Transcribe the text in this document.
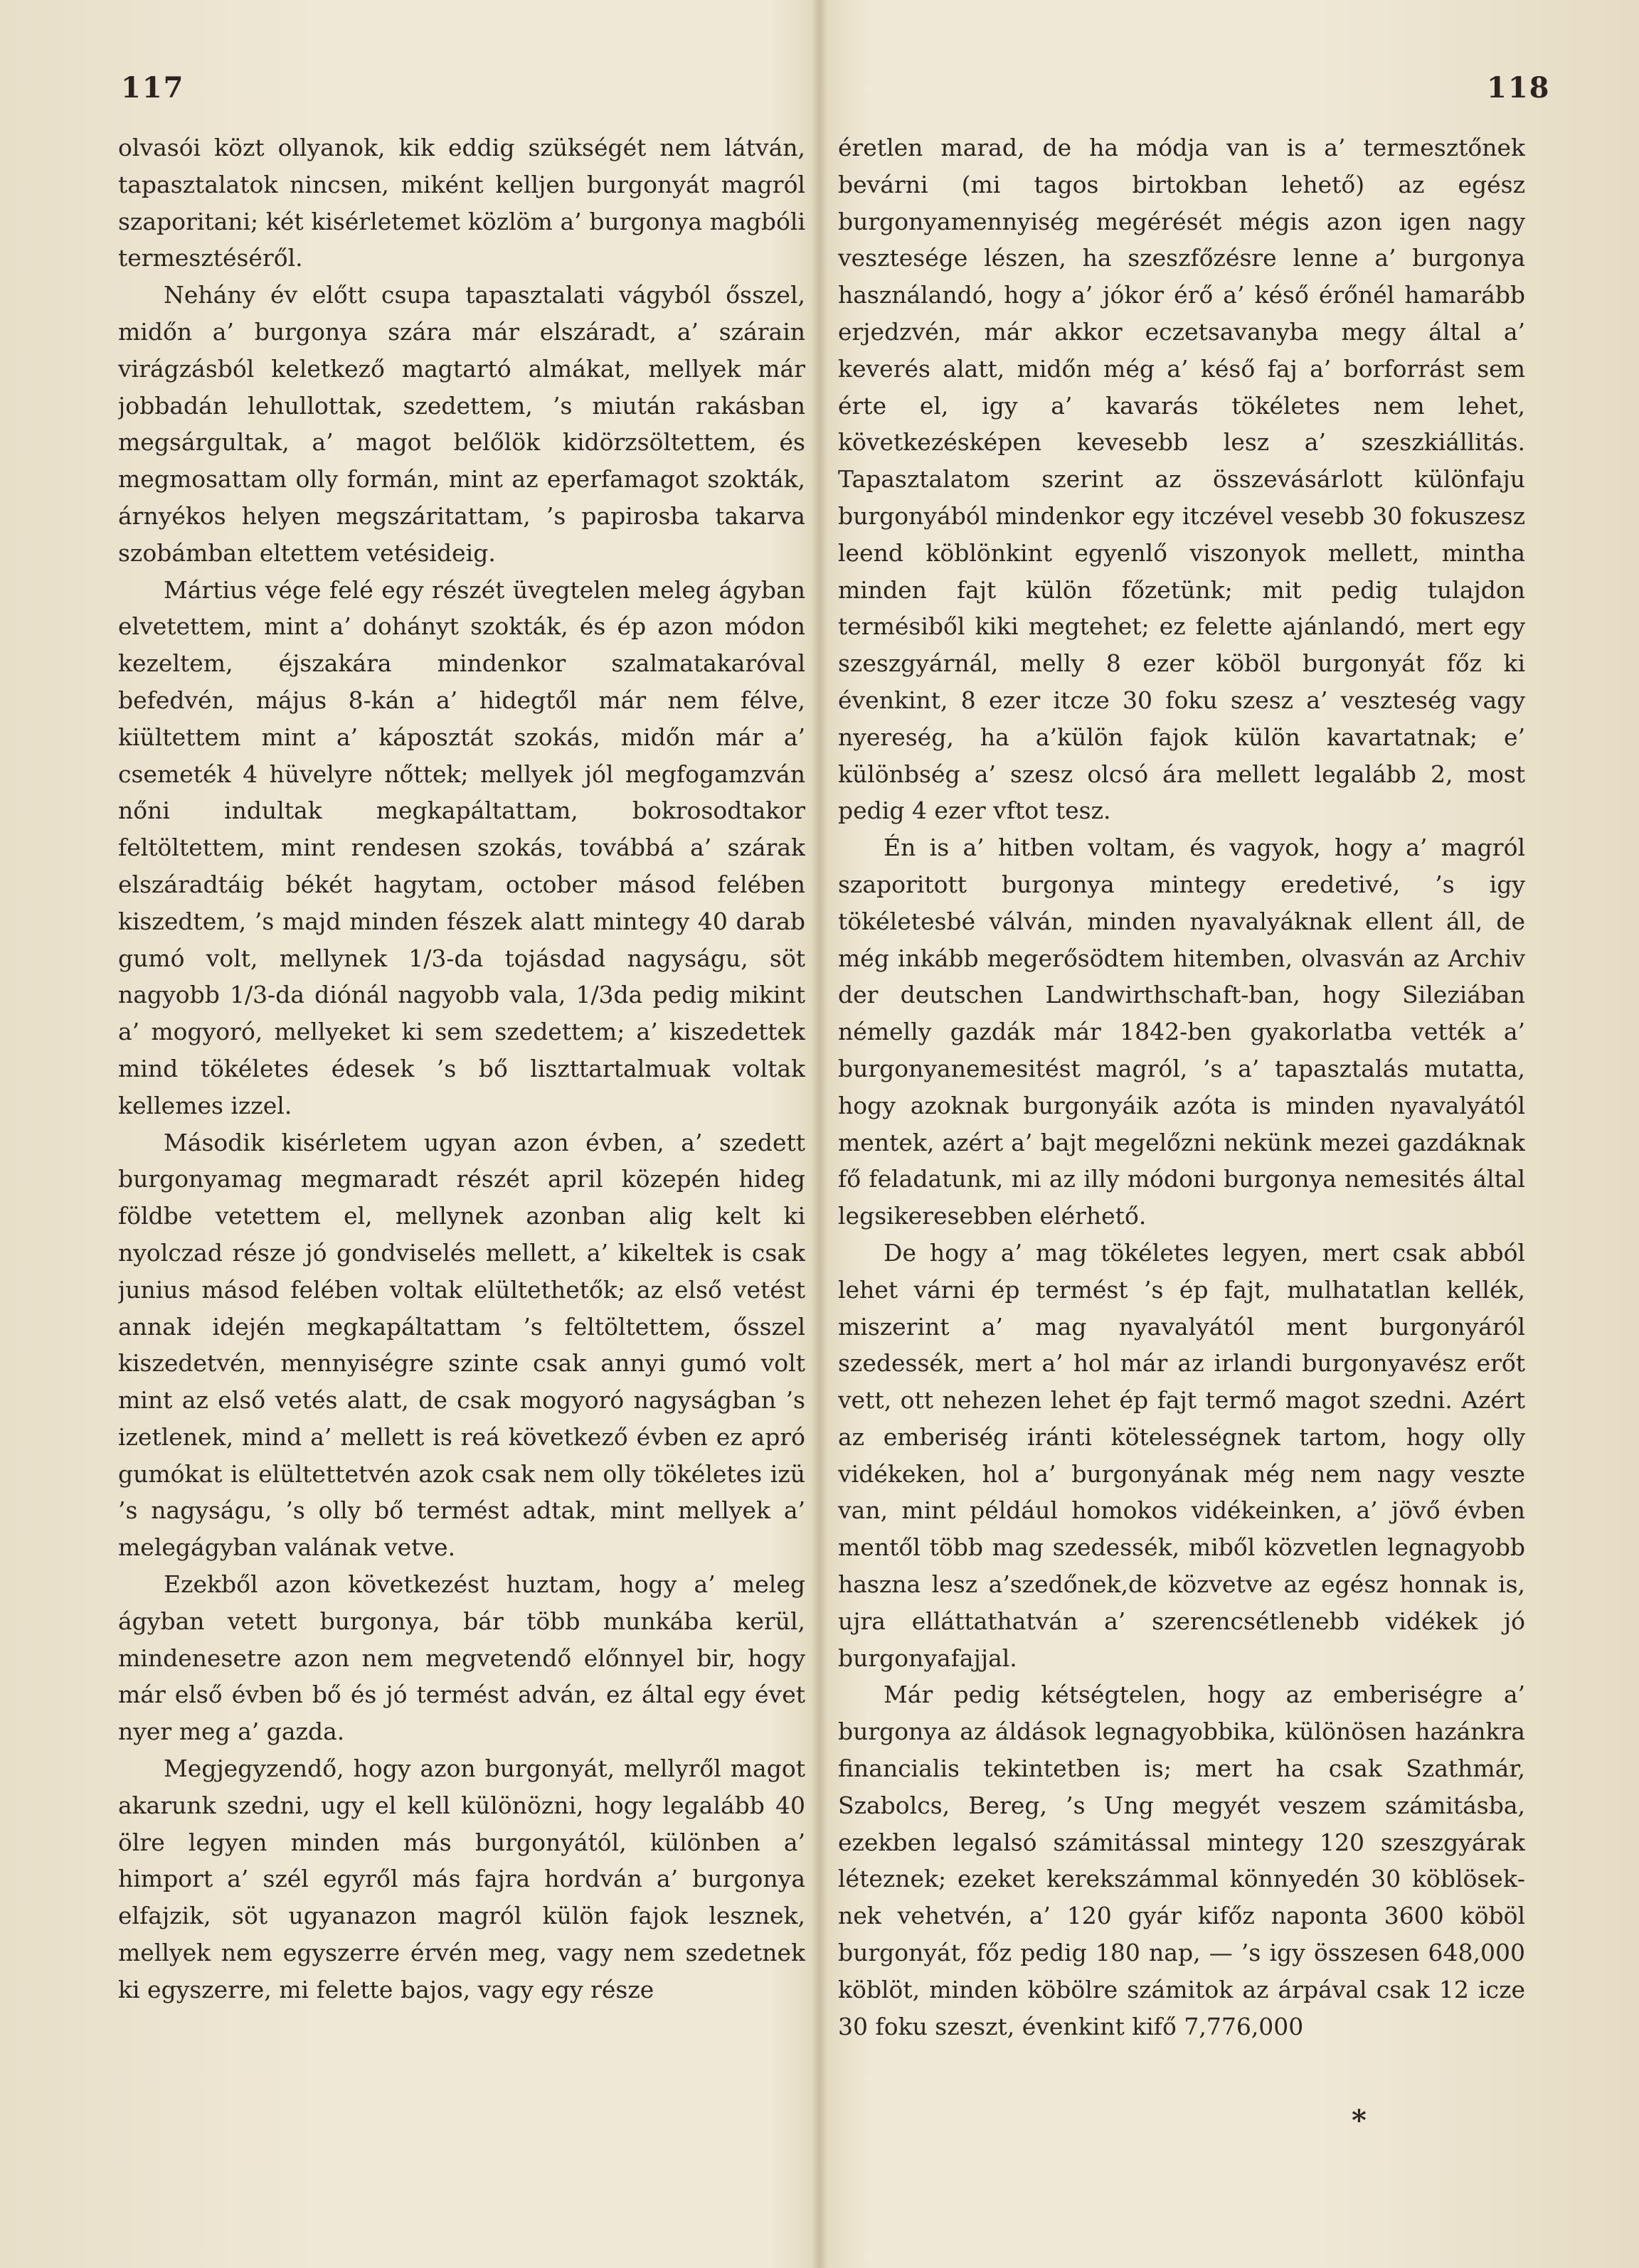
117	118

olvasói közt ollyanok, kik eddig szükségét nem látván, tapasztalatok nincsen, miként kelljen burgonyát magról szaporitani; két kisérletemet közlöm a’ burgonya magbóli termesztéséről.

Nehány év előtt csupa tapasztalati vágyból ősszel, midőn a’ burgonya szára már elszáradt, a’ szárain virágzásból keletkező magtartó almákat, mellyek már jobbadán lehullottak, szedettem, ’s miután rakásban megsárgultak, a’ magot belőlök kidörzsöltettem, és megmosattam olly formán, mint az eperfamagot szokták, árnyékos helyen megszáritattam, ’s papirosba takarva szobámban eltettem vetésideig.

Mártius vége felé egy részét üvegtelen meleg ágyban elvetettem, mint a’ dohányt szokták, és ép azon módon kezeltem, éjszakára mindenkor szalmatakaróval befedvén, május 8-kán a’ hidegtől már nem félve, kiültettem mint a’ káposztát szokás, midőn már a’ csemeték 4 hüvelyre nőttek; mellyek jól megfogamzván nőni indultak megkapáltattam, bokrosodtakor feltöltettem, mint rendesen szokás, továbbá a’ szárak elszáradtáig békét hagytam, october másod felében kiszedtem, ’s majd minden fészek alatt mintegy 40 darab gumó volt, mellynek 1/3-da tojásdad nagyságu, söt nagyobb 1/3-da diónál nagyobb vala, 1/3da pedig mikint a’ mogyoró, mellyeket ki sem szedettem; a’ kiszedettek mind tökéletes édesek ’s bő liszttartalmuak voltak kellemes izzel.

Második kisérletem ugyan azon évben, a’ szedett burgonyamag megmaradt részét april közepén hideg földbe vetettem el, mellynek azonban alig kelt ki nyolczad része jó gondviselés mellett, a’ kikeltek is csak junius másod felében voltak elültethetők; az első vetést annak idején megkapáltattam ’s feltöltettem, ősszel kiszedetvén, mennyiségre szinte csak annyi gumó volt mint az első vetés alatt, de csak mogyoró nagyságban ’s izetlenek, mind a’ mellett is reá következő évben ez apró gumókat is elültettetvén azok csak nem olly tökéletes izü ’s nagyságu, ’s olly bő termést adtak, mint mellyek a’ melegágyban valának vetve.

Ezekből azon következést huztam, hogy a’ meleg ágyban vetett burgonya, bár több munkába kerül, mindenesetre azon nem megvetendő előnnyel bir, hogy már első évben bő és jó termést adván, ez által egy évet nyer meg a’ gazda.

Megjegyzendő, hogy azon burgonyát, mellyről magot akarunk szedni, ugy el kell különözni, hogy legalább 40 ölre legyen minden más burgonyától, különben a’ himport a’ szél egyről más fajra hordván a’ burgonya elfajzik, söt ugyanazon magról külön fajok lesznek, mellyek nem egyszerre érvén meg, vagy nem szedetnek ki egyszerre, mi felette bajos, vagy egy része

éretlen marad, de ha módja van is a’ termesztőnek bevárni (mi tagos birtokban lehető) az egész burgonyamennyiség megérését mégis azon igen nagy vesztesége lészen, ha szeszfőzésre lenne a’ burgonya használandó, hogy a’ jókor érő a’ késő érőnél hamarább erjedzvén, már akkor eczetsavanyba megy által a’ keverés alatt, midőn még a’ késő faj a’ borforrást sem érte el, igy a’ kavarás tökéletes nem lehet, következésképen kevesebb lesz a’ szeszkiállitás. Tapasztalatom szerint az összevásárlott különfaju burgonyából mindenkor egy itczével vesebb 30 fokuszesz leend köblönkint egyenlő viszonyok mellett, mintha minden fajt külön főzetünk; mit pedig tulajdon termésiből kiki megtehet; ez felette ajánlandó, mert egy szeszgyárnál, melly 8 ezer köböl burgonyát főz ki évenkint, 8 ezer itcze 30 foku szesz a’ veszteség vagy nyereség, ha a’külön fajok külön kavartatnak; e’ különbség a’ szesz olcsó ára mellett legalább 2, most pedig 4 ezer vftot tesz.

Én is a’ hitben voltam, és vagyok, hogy a’ magról szaporitott burgonya mintegy eredetivé, ’s igy tökéletesbé válván, minden nyavalyáknak ellent áll, de még inkább megerősödtem hitemben, olvasván az Archiv der deutschen Landwirthschaft-ban, hogy Sileziában némelly gazdák már 1842-ben gyakorlatba vették a’ burgonyanemesitést magról, ’s a’ tapasztalás mutatta, hogy azoknak burgonyáik azóta is minden nyavalyától mentek, azért a’ bajt megelőzni nekünk mezei gazdáknak fő feladatunk, mi az illy módoni burgonya nemesités által legsikeresebben elérhető.

De hogy a’ mag tökéletes legyen, mert csak abból lehet várni ép termést ’s ép fajt, mulhatatlan kellék, miszerint a’ mag nyavalyától ment burgonyáról szedessék, mert a’ hol már az irlandi burgonyavész erőt vett, ott nehezen lehet ép fajt termő magot szedni. Azért az emberiség iránti kötelességnek tartom, hogy olly vidékeken, hol a’ burgonyának még nem nagy veszte van, mint például homokos vidékeinken, a’ jövő évben mentől több mag szedessék, miből közvetlen legnagyobb haszna lesz a’szedőnek,de közvetve az egész honnak is, ujra elláttathatván a’ szerencsétlenebb vidékek jó burgonyafajjal.

Már pedig kétségtelen, hogy az emberiségre a’ burgonya az áldások legnagyobbika, különösen hazánkra financialis tekintetben is; mert ha csak Szathmár, Szabolcs, Bereg, ’s Ung megyét veszem számitásba, ezekben legalsó számitással mintegy 120 szeszgyárak léteznek; ezeket kerekszámmal könnyedén 30 köblöseknek vehetvén, a’ 120 gyár kifőz naponta 3600 köböl burgonyát, főz pedig 180 nap, — ’s igy összesen 648,000 köblöt, minden köbölre számitok az árpával csak 12 icze 30 foku szeszt, évenkint kifő 7,776,000

*
